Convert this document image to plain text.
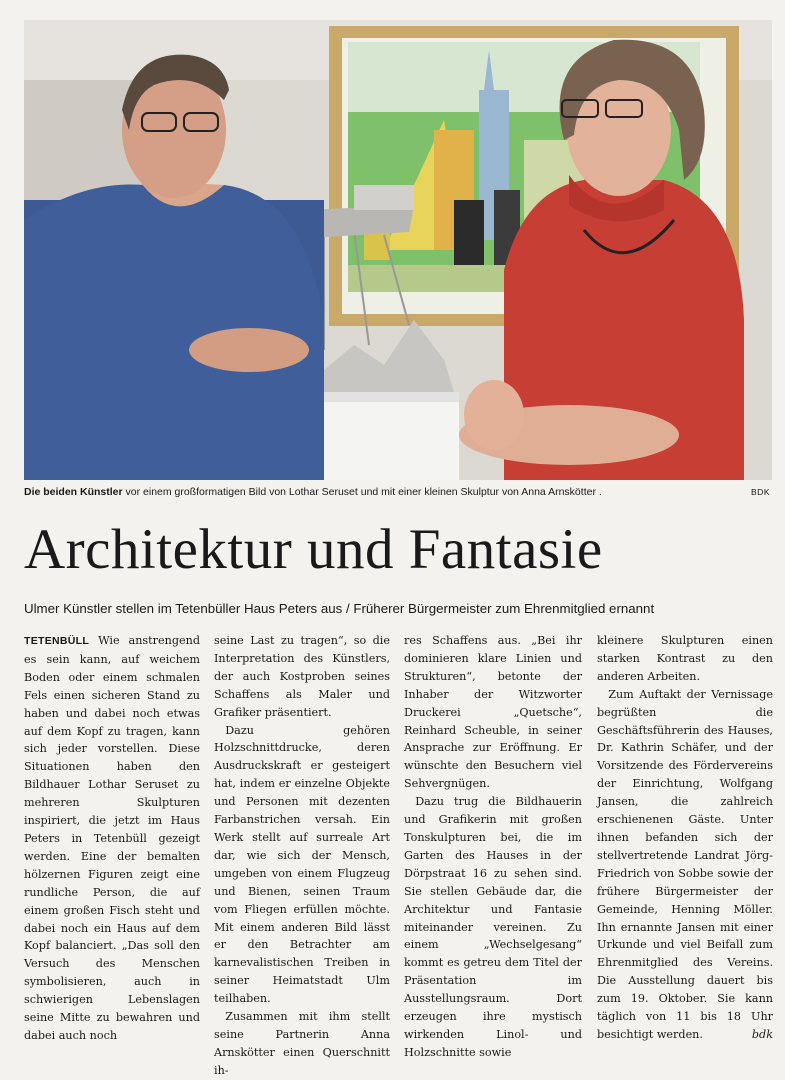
Die beiden Künstler vor einem großformatigen Bild von Lothar Seruset und mit einer kleinen Skulptur von Anna Arnskötter .	BDK
Architektur und Fantasie
Ulmer Künstler stellen im Tetenbüller Haus Peters aus / Früherer Bürgermeister zum Ehrenmitglied ernannt

TETENBÜLL Wie anstrengend es sein kann, auf weichem Boden oder einem schmalen Fels einen sicheren Stand zu haben und dabei noch etwas auf dem Kopf zu tragen, kann sich jeder vorstellen. Diese Situationen haben den Bildhauer Lothar Seruset zu mehreren Skulpturen inspiriert, die jetzt im Haus Peters in Tetenbüll gezeigt werden. Eine der bemalten hölzernen Figuren zeigt eine rundliche Person, die auf einem großen Fisch steht und dabei noch ein Haus auf dem Kopf balanciert. „Das soll den Versuch des Menschen symbolisieren, auch in schwierigen Lebenslagen seine Mitte zu bewahren und dabei auch noch

seine Last zu tragen“, so die Interpretation des Künstlers, der auch Kostproben seines Schaffens als Maler und Grafiker präsentiert.

Dazu gehören Holzschnittdrucke, deren Ausdruckskraft er gesteigert hat, indem er einzelne Objekte und Personen mit dezenten Farbanstrichen versah. Ein Werk stellt auf surreale Art dar, wie sich der Mensch, umgeben von einem Flugzeug und Bienen, seinen Traum vom Fliegen erfüllen möchte. Mit einem anderen Bild lässt er den Betrachter am karnevalistischen Treiben in seiner Heimatstadt Ulm teilhaben.

Zusammen mit ihm stellt seine Partnerin Anna Arnskötter einen Querschnitt ih-

res Schaffens aus. „Bei ihr dominieren klare Linien und Strukturen“, betonte der Inhaber der Witzworter Druckerei „Quetsche“, Reinhard Scheuble, in seiner Ansprache zur Eröffnung. Er wünschte den Besuchern viel Sehvergnügen.

Dazu trug die Bildhauerin und Grafikerin mit großen Tonskulpturen bei, die im Garten des Hauses in der Dörpstraat 16 zu sehen sind. Sie stellen Gebäude dar, die Architektur und Fantasie miteinander vereinen. Zu einem „Wechselgesang“ kommt es getreu dem Titel der Präsentation im Ausstellungsraum. Dort erzeugen ihre mystisch wirkenden Linol- und Holzschnitte sowie

kleinere Skulpturen einen starken Kontrast zu den anderen Arbeiten.

Zum Auftakt der Vernissage begrüßten die Geschäftsführerin des Hauses, Dr. Kathrin Schäfer, und der Vorsitzende des Fördervereins der Einrichtung, Wolfgang Jansen, die zahlreich erschienenen Gäste. Unter ihnen befanden sich der stellvertretende Landrat Jörg-Friedrich von Sobbe sowie der frühere Bürgermeister der Gemeinde, Henning Möller. Ihn ernannte Jansen mit einer Urkunde und viel Beifall zum Ehrenmitglied des Vereins. Die Ausstellung dauert bis zum 19. Oktober. Sie kann täglich von 11 bis 18 Uhr besichtigt werden.	bdk
